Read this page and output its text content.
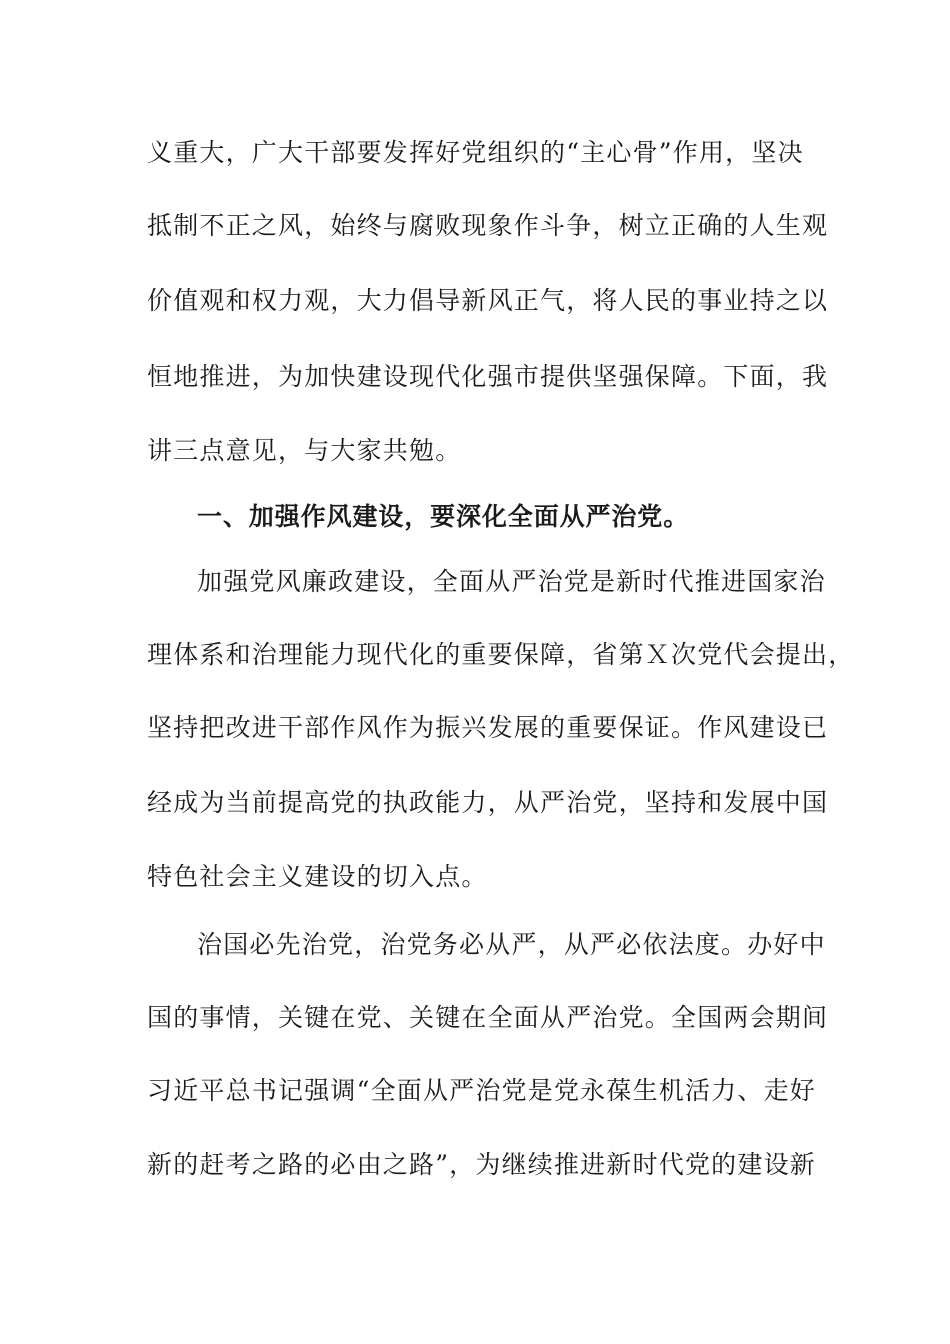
义重大，广大干部要发挥好党组织的“主心骨”作用，坚决
抵制不正之风，始终与腐败现象作斗争，树立正确的人生观
价值观和权力观，大力倡导新风正气，将人民的事业持之以
恒地推进，为加快建设现代化强市提供坚强保障。下面，我
讲三点意见，与大家共勉。
一、加强作风建设，要深化全面从严治党。
加强党风廉政建设，全面从严治党是新时代推进国家治
理体系和治理能力现代化的重要保障，省第Ｘ次党代会提出，
坚持把改进干部作风作为振兴发展的重要保证。作风建设已
经成为当前提高党的执政能力，从严治党，坚持和发展中国
特色社会主义建设的切入点。
治国必先治党，治党务必从严，从严必依法度。办好中
国的事情，关键在党、关键在全面从严治党。全国两会期间
习近平总书记强调“全面从严治党是党永葆生机活力、走好
新的赶考之路的必由之路”，为继续推进新时代党的建设新
